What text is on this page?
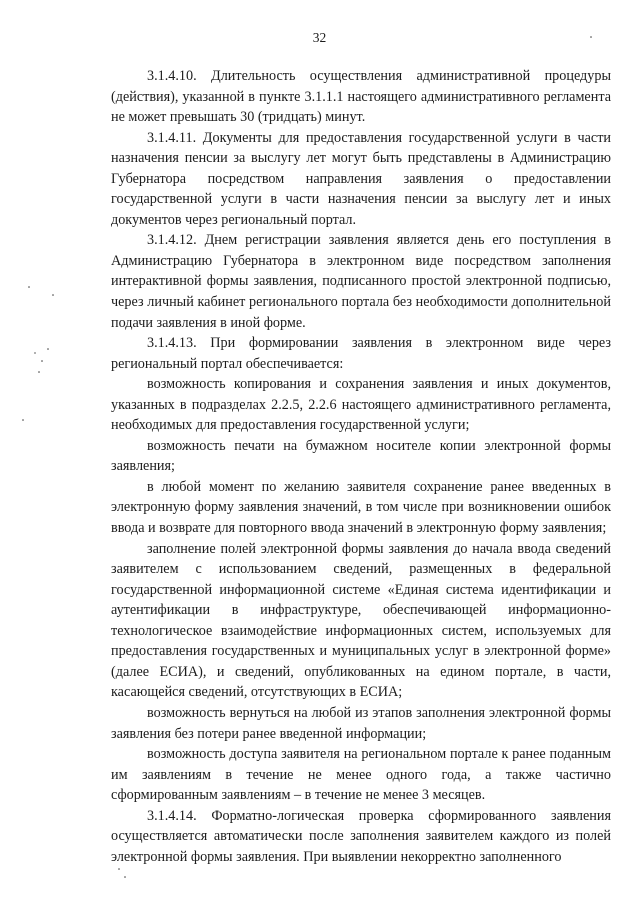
32

3.1.4.10. Длительность осуществления административной процедуры (действия), указанной в пункте 3.1.1.1 настоящего административного регламента не может превышать 30 (тридцать) минут.

3.1.4.11. Документы для предоставления государственной услуги в части назначения пенсии за выслугу лет могут быть представлены в Администрацию Губернатора посредством направления заявления о предоставлении государственной услуги в части назначения пенсии за выслугу лет и иных документов через региональный портал.

3.1.4.12. Днем регистрации заявления является день его поступления в Администрацию Губернатора в электронном виде посредством заполнения интерактивной формы заявления, подписанного простой электронной подписью, через личный кабинет регионального портала без необходимости дополнительной подачи заявления в иной форме.

3.1.4.13. При формировании заявления в электронном виде через региональный портал обеспечивается:

возможность копирования и сохранения заявления и иных документов, указанных в подразделах 2.2.5, 2.2.6 настоящего административного регламента, необходимых для предоставления государственной услуги;

возможность печати на бумажном носителе копии электронной формы заявления;

в любой момент по желанию заявителя сохранение ранее введенных в электронную форму заявления значений, в том числе при возникновении ошибок ввода и возврате для повторного ввода значений в электронную форму заявления;

заполнение полей электронной формы заявления до начала ввода сведений заявителем с использованием сведений, размещенных в федеральной государственной информационной системе «Единая система идентификации и аутентификации в инфраструктуре, обеспечивающей информационно-технологическое взаимодействие информационных систем, используемых для предоставления государственных и муниципальных услуг в электронной форме» (далее ЕСИА), и сведений, опубликованных на едином портале, в части, касающейся сведений, отсутствующих в ЕСИА;

возможность вернуться на любой из этапов заполнения электронной формы заявления без потери ранее введенной информации;

возможность доступа заявителя на региональном портале к ранее поданным им заявлениям в течение не менее одного года, а также частично сформированным заявлениям – в течение не менее 3 месяцев.

3.1.4.14. Форматно-логическая проверка сформированного заявления осуществляется автоматически после заполнения заявителем каждого из полей электронной формы заявления. При выявлении некорректно заполненного
